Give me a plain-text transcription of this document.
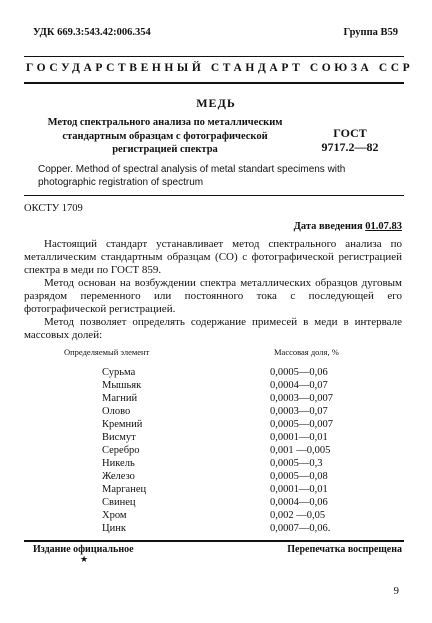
УДК 669.3:543.42:006.354	Группа В59
ГОСУДАРСТВЕННЫЙ СТАНДАРТ СОЮЗА ССР
МЕДЬ
Метод спектрального анализа по металлическим стандартным образцам с фотографической регистрацией спектра
ГОСТ
9717.2—82
Copper. Method of spectral analysis of metal standart specimens with photographic registration of spectrum
ОКСТУ 1709
Дата введения 01.07.83
Настоящий стандарт устанавливает метод спектрального анализа по металлическим стандартным образцам (СО) с фотографической регистрацией спектра в меди по ГОСТ 859.
Метод основан на возбуждении спектра металлических образцов дуговым разрядом переменного или постоянного тока с последующей его фотографической регистрацией.
Метод позволяет определять содержание примесей в меди в интервале массовых долей:
Определяемый элемент	Массовая доля, %
Сурьма	0,0005—0,06
Мышьяк	0,0004—0,07
Магний	0,0003—0,007
Олово	0,0003—0,07
Кремний	0,0005—0,007
Висмут	0,0001—0,01
Серебро	0,001 —0,005
Никель	0,0005—0,3
Железо	0,0005—0,08
Марганец	0,0001—0,01
Свинец	0,0004—0,06
Хром	0,002 —0,05
Цинк	0,0007—0,06.
Издание официальное
★
Перепечатка воспрещена
9
